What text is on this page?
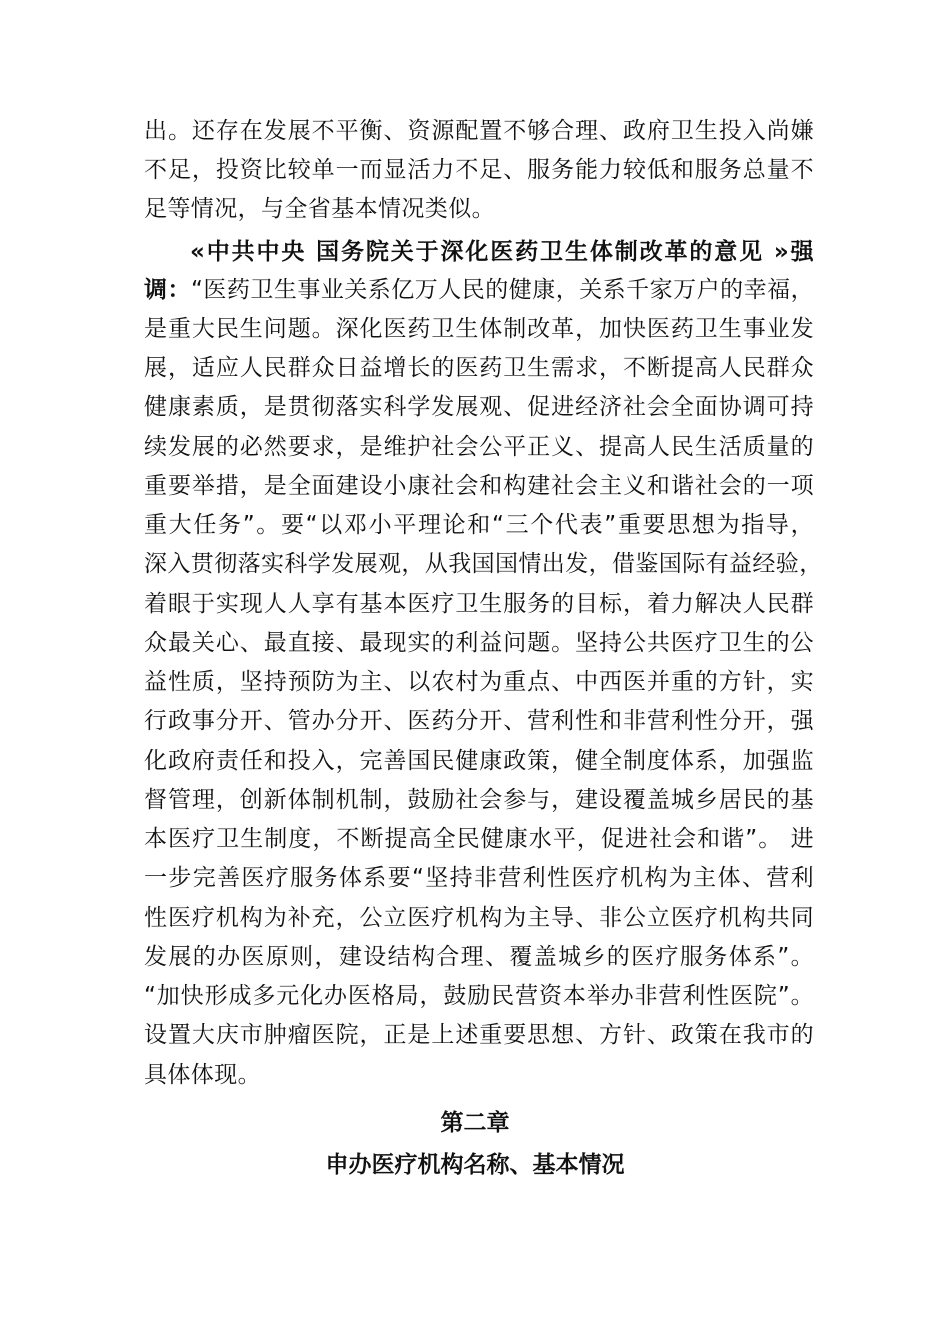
出。还存在发展不平衡、资源配置不够合理、政府卫生投入尚嫌
不足，投资比较单一而显活力不足、服务能力较低和服务总量不
足等情况，与全省基本情况类似。
«中共中央 国务院关于深化医药卫生体制改革的意见 »强
调：“医药卫生事业关系亿万人民的健康，关系千家万户的幸福，
是重大民生问题。深化医药卫生体制改革，加快医药卫生事业发
展，适应人民群众日益增长的医药卫生需求，不断提高人民群众
健康素质，是贯彻落实科学发展观、促进经济社会全面协调可持
续发展的必然要求，是维护社会公平正义、提高人民生活质量的
重要举措，是全面建设小康社会和构建社会主义和谐社会的一项
重大任务”。要“以邓小平理论和“三个代表”重要思想为指导，
深入贯彻落实科学发展观，从我国国情出发，借鉴国际有益经验，
着眼于实现人人享有基本医疗卫生服务的目标，着力解决人民群
众最关心、最直接、最现实的利益问题。坚持公共医疗卫生的公
益性质，坚持预防为主、以农村为重点、中西医并重的方针，实
行政事分开、管办分开、医药分开、营利性和非营利性分开，强
化政府责任和投入，完善国民健康政策，健全制度体系，加强监
督管理，创新体制机制，鼓励社会参与，建设覆盖城乡居民的基
本医疗卫生制度，不断提高全民健康水平，促进社会和谐”。 进
一步完善医疗服务体系要“坚持非营利性医疗机构为主体、营利
性医疗机构为补充，公立医疗机构为主导、非公立医疗机构共同
发展的办医原则，建设结构合理、覆盖城乡的医疗服务体系”。
“加快形成多元化办医格局，鼓励民营资本举办非营利性医院”。
设置大庆市肿瘤医院，正是上述重要思想、方针、政策在我市的
具体体现。
第二章
申办医疗机构名称、基本情况
